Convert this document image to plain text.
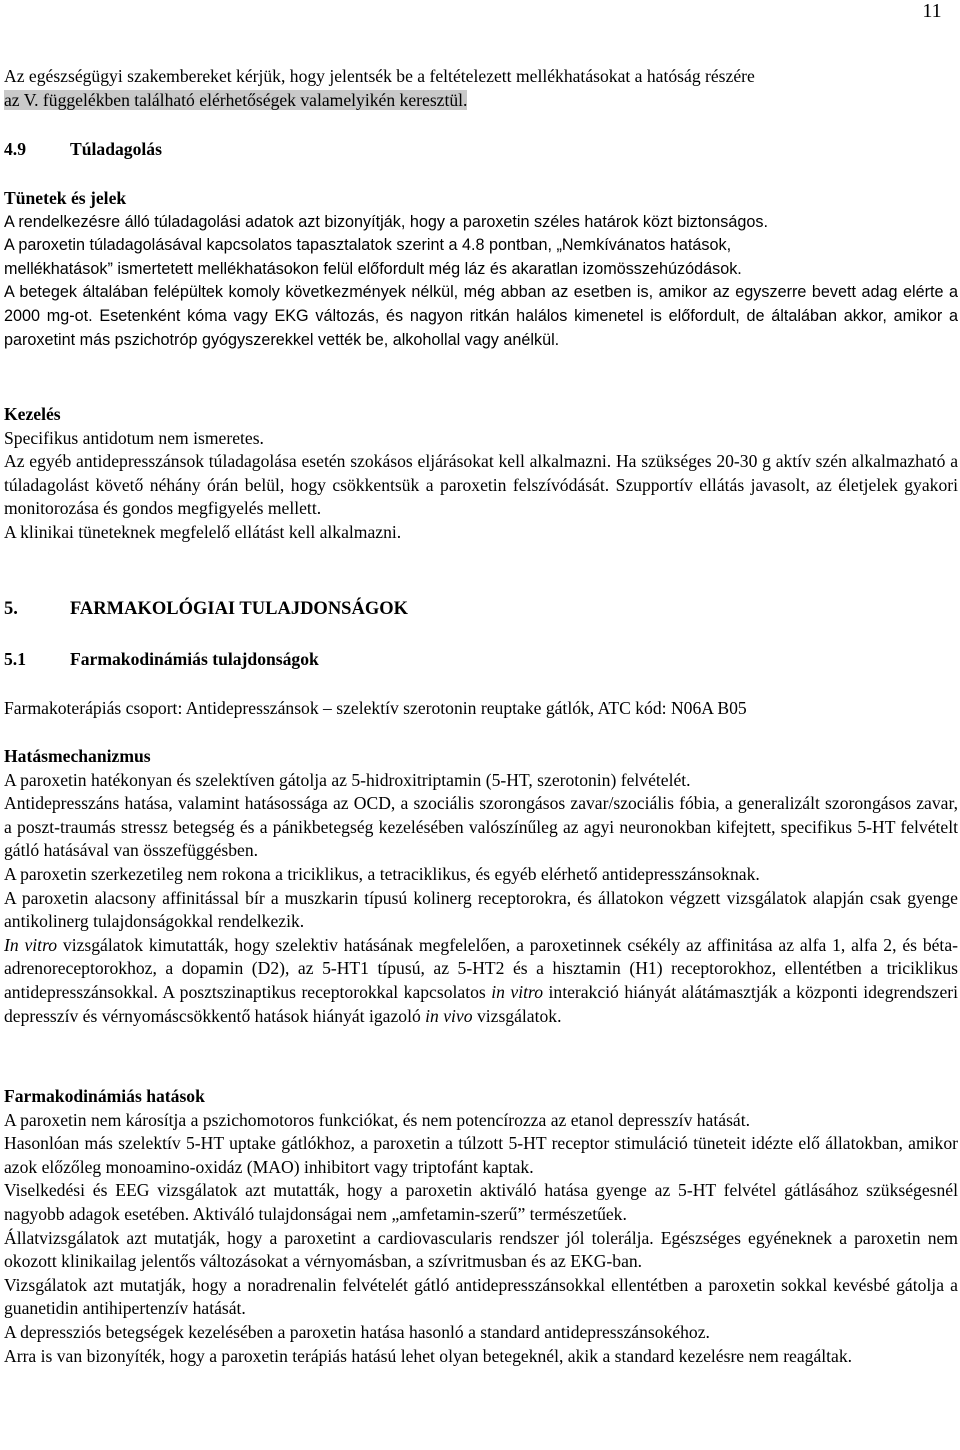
11

Az egészségügyi szakembereket kérjük, hogy jelentsék be a feltételezett mellékhatásokat a hatóság részére
az V. függelékben található elérhetőségek valamelyikén keresztül.

4.9	Túladagolás

Tünetek és jelek

A rendelkezésre álló túladagolási adatok azt bizonyítják, hogy a paroxetin széles határok közt biztonságos.

A paroxetin túladagolásával kapcsolatos tapasztalatok szerint a 4.8 pontban, „Nemkívánatos hatások,

mellékhatások” ismertetett mellékhatásokon felül előfordult még láz és akaratlan izomösszehúzódások.

A betegek általában felépültek komoly következmények nélkül, még abban az esetben is, amikor az egyszerre bevett adag elérte a 2000 mg-ot. Esetenként kóma vagy EKG változás, és nagyon ritkán halálos kimenetel is előfordult, de általában akkor, amikor a paroxetint más pszichotróp gyógyszerekkel vették be, alkohollal vagy anélkül.

Kezelés

Specifikus antidotum nem ismeretes.

Az egyéb antidepresszánsok túladagolása esetén szokásos eljárásokat kell alkalmazni. Ha szükséges 20-30 g aktív szén alkalmazható a túladagolást követő néhány órán belül, hogy csökkentsük a paroxetin felszívódását. Szupportív ellátás javasolt, az életjelek gyakori monitorozása és gondos megfigyelés mellett.

A klinikai tüneteknek megfelelő ellátást kell alkalmazni.

5.	FARMAKOLÓGIAI TULAJDONSÁGOK

5.1	Farmakodinámiás tulajdonságok

Farmakoterápiás csoport: Antidepresszánsok – szelektív szerotonin reuptake gátlók, ATC kód: N06A B05

Hatásmechanizmus

A paroxetin hatékonyan és szelektíven gátolja az 5-hidroxitriptamin (5-HT, szerotonin) felvételét.

Antidepresszáns hatása, valamint hatásossága az OCD, a szociális szorongásos zavar/szociális fóbia, a generalizált szorongásos zavar, a poszt-traumás stressz betegség és a pánikbetegség kezelésében valószínűleg az agyi neuronokban kifejtett, specifikus 5-HT felvételt gátló hatásával van összefüggésben.

A paroxetin szerkezetileg nem rokona a triciklikus, a tetraciklikus, és egyéb elérhető antidepresszánsoknak.

A paroxetin alacsony affinitással bír a muszkarin típusú kolinerg receptorokra, és állatokon végzett vizsgálatok alapján csak gyenge antikolinerg tulajdonságokkal rendelkezik.

In vitro vizsgálatok kimutatták, hogy szelektiv hatásának megfelelően, a paroxetinnek csékély az affinitása az alfa 1, alfa 2, és béta-adrenoreceptorokhoz, a dopamin (D2), az 5-HT1 típusú, az 5-HT2 és a hisztamin (H1) receptorokhoz, ellentétben a triciklikus antidepresszánsokkal. A posztszinaptikus receptorokkal kapcsolatos in vitro interakció hiányát alátámasztják a központi idegrendszeri depresszív és vérnyomáscsökkentő hatások hiányát igazoló in vivo vizsgálatok.

Farmakodinámiás hatások

A paroxetin nem károsítja a pszichomotoros funkciókat, és nem potencírozza az etanol depresszív hatását.

Hasonlóan más szelektív 5-HT uptake gátlókhoz, a paroxetin a túlzott 5-HT receptor stimuláció tüneteit idézte elő állatokban, amikor azok előzőleg monoamino-oxidáz (MAO) inhibitort vagy triptofánt kaptak.

Viselkedési és EEG vizsgálatok azt mutatták, hogy a paroxetin aktiváló hatása gyenge az 5-HT felvétel gátlásához szükségesnél nagyobb adagok esetében. Aktiváló tulajdonságai nem „amfetamin-szerű” természetűek.

Állatvizsgálatok azt mutatják, hogy a paroxetint a cardiovascularis rendszer jól tolerálja. Egészséges egyéneknek a paroxetin nem okozott klinikailag jelentős változásokat a vérnyomásban, a szívritmusban és az EKG-ban.

Vizsgálatok azt mutatják, hogy a noradrenalin felvételét gátló antidepresszánsokkal ellentétben a paroxetin sokkal kevésbé gátolja a guanetidin antihipertenzív hatását.

A depressziós betegségek kezelésében a paroxetin hatása hasonló a standard antidepresszánsokéhoz.

Arra is van bizonyíték, hogy a paroxetin terápiás hatású lehet olyan betegeknél, akik a standard kezelésre nem reagáltak.
